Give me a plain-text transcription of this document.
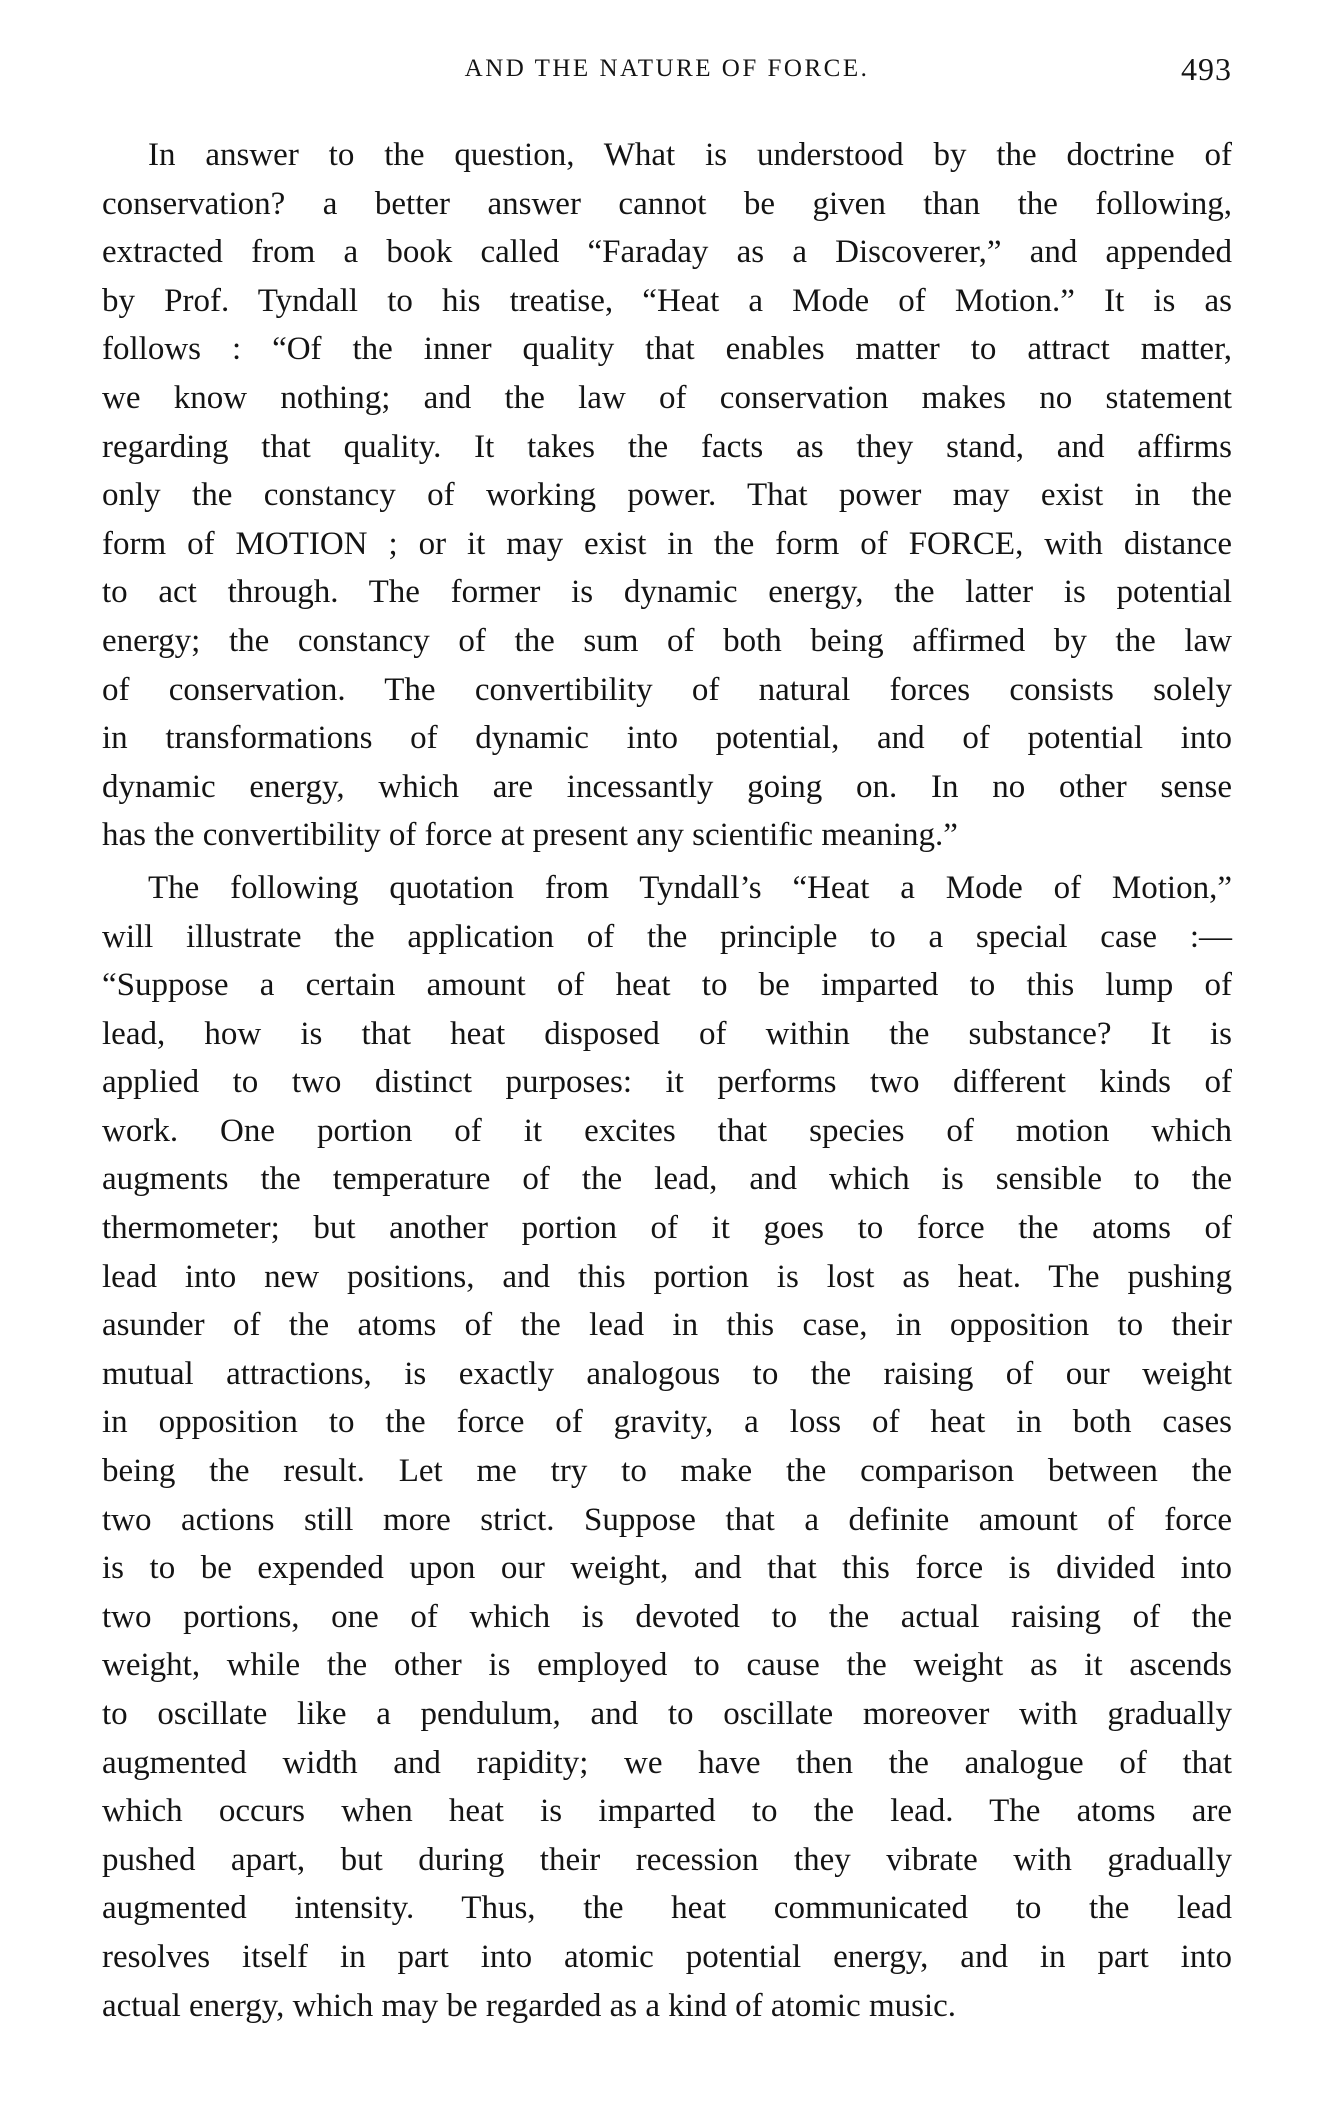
AND THE NATURE OF FORCE.	493
In answer to the question, What is understood by the doctrine of
conservation? a better answer cannot be given than the following,
extracted from a book called “Faraday as a Discoverer,” and appended
by Prof. Tyndall to his treatise, “Heat a Mode of Motion.” It is as
follows : “Of the inner quality that enables matter to attract matter,
we know nothing; and the law of conservation makes no statement
regarding that quality. It takes the facts as they stand, and affirms
only the constancy of working power. That power may exist in the
form of MOTION ; or it may exist in the form of FORCE, with distance
to act through. The former is dynamic energy, the latter is potential
energy; the constancy of the sum of both being affirmed by the law
of conservation. The convertibility of natural forces consists solely
in transformations of dynamic into potential, and of potential into
dynamic energy, which are incessantly going on. In no other sense
has the convertibility of force at present any scientific meaning.”
The following quotation from Tyndall’s “Heat a Mode of Motion,”
will illustrate the application of the principle to a special case :—
“Suppose a certain amount of heat to be imparted to this lump of
lead, how is that heat disposed of within the substance? It is
applied to two distinct purposes: it performs two different kinds of
work. One portion of it excites that species of motion which
augments the temperature of the lead, and which is sensible to the
thermometer; but another portion of it goes to force the atoms of
lead into new positions, and this portion is lost as heat. The pushing
asunder of the atoms of the lead in this case, in opposition to their
mutual attractions, is exactly analogous to the raising of our weight
in opposition to the force of gravity, a loss of heat in both cases
being the result. Let me try to make the comparison between the
two actions still more strict. Suppose that a definite amount of force
is to be expended upon our weight, and that this force is divided into
two portions, one of which is devoted to the actual raising of the
weight, while the other is employed to cause the weight as it ascends
to oscillate like a pendulum, and to oscillate moreover with gradually
augmented width and rapidity; we have then the analogue of that
which occurs when heat is imparted to the lead. The atoms are
pushed apart, but during their recession they vibrate with gradually
augmented intensity. Thus, the heat communicated to the lead
resolves itself in part into atomic potential energy, and in part into
actual energy, which may be regarded as a kind of atomic music.
